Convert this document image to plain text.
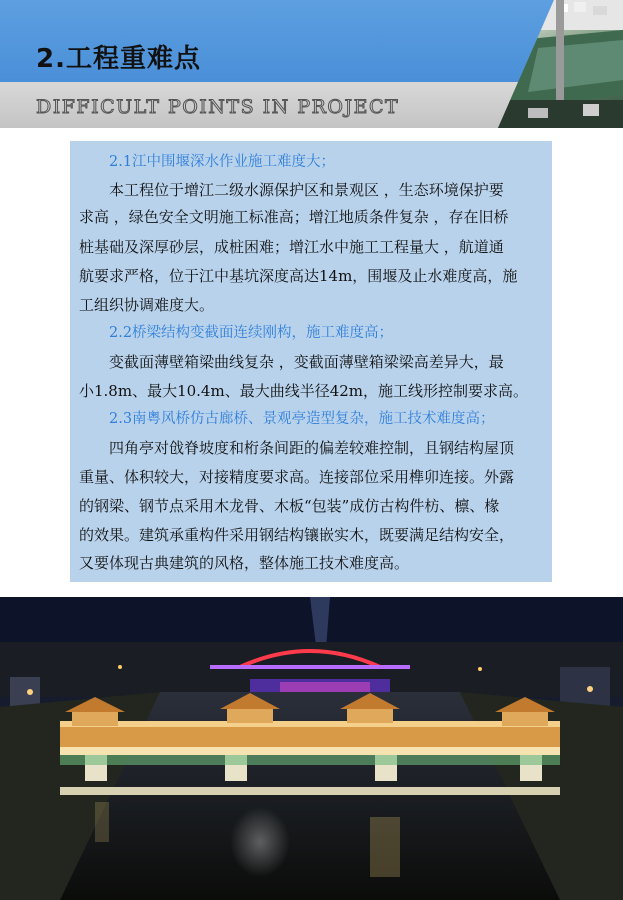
2.工程重难点
DIFFICULT POINTS IN PROJECT
2.1江中围堰深水作业施工难度大；
本工程位于增江二级水源保护区和景观区 ，生态环境保护要
求高 ，绿色安全文明施工标准高；增江地质条件复杂 ，存在旧桥
桩基础及深厚砂层，成桩困难；增江水中施工工程量大 ，航道通
航要求严格，位于江中基坑深度高达14m，围堰及止水难度高，施
工组织协调难度大。
2.2桥梁结构变截面连续刚构，施工难度高；
变截面薄壁箱梁曲线复杂 ，变截面薄壁箱梁梁高差异大，最
小1.8m、最大10.4m、最大曲线半径42m，施工线形控制要求高。
2.3南粤风桥仿古廊桥、景观亭造型复杂，施工技术难度高；
四角亭对戗脊坡度和桁条间距的偏差较难控制，且钢结构屋顶
重量、体积较大，对接精度要求高。连接部位采用榫卯连接。外露
的钢梁、钢节点采用木龙骨、木板“包装”成仿古构件枋、檩、椽
的效果。建筑承重构件采用钢结构镶嵌实木，既要满足结构安全，
又要体现古典建筑的风格，整体施工技术难度高。
